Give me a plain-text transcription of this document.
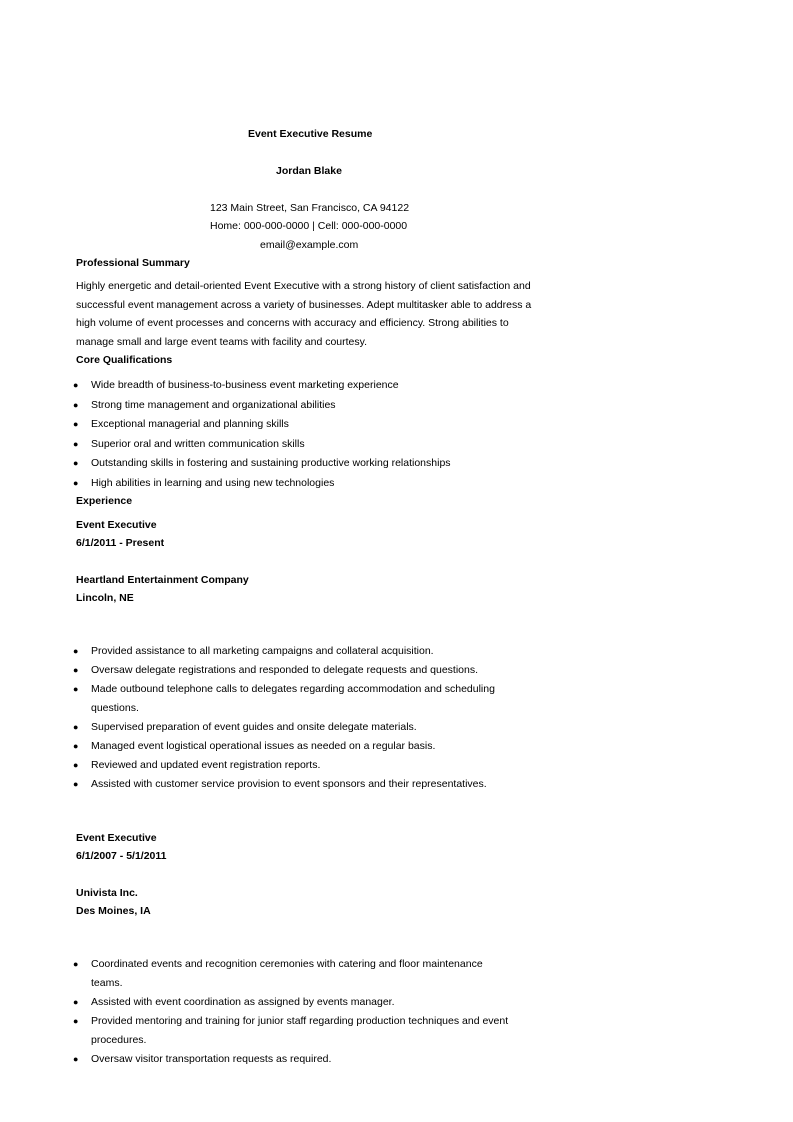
Event Executive Resume
Jordan Blake
123 Main Street, San Francisco, CA 94122
Home: 000-000-0000 | Cell: 000-000-0000
email@example.com
Professional Summary
Highly energetic and detail-oriented Event Executive with a strong history of client satisfaction and
successful event management across a variety of businesses. Adept multitasker able to address a
high volume of event processes and concerns with accuracy and efficiency. Strong abilities to
manage small and large event teams with facility and courtesy.
Core Qualifications
● Wide breadth of business-to-business event marketing experience
● Strong time management and organizational abilities
● Exceptional managerial and planning skills
● Superior oral and written communication skills
● Outstanding skills in fostering and sustaining productive working relationships
● High abilities in learning and using new technologies
Experience
Event Executive
6/1/2011 - Present
Heartland Entertainment Company
Lincoln, NE
● Provided assistance to all marketing campaigns and collateral acquisition.
● Oversaw delegate registrations and responded to delegate requests and questions.
● Made outbound telephone calls to delegates regarding accommodation and scheduling questions.
● Supervised preparation of event guides and onsite delegate materials.
● Managed event logistical operational issues as needed on a regular basis.
● Reviewed and updated event registration reports.
● Assisted with customer service provision to event sponsors and their representatives.
Event Executive
6/1/2007 - 5/1/2011
Univista Inc.
Des Moines, IA
● Coordinated events and recognition ceremonies with catering and floor maintenance teams.
● Assisted with event coordination as assigned by events manager.
● Provided mentoring and training for junior staff regarding production techniques and event procedures.
● Oversaw visitor transportation requests as required.
